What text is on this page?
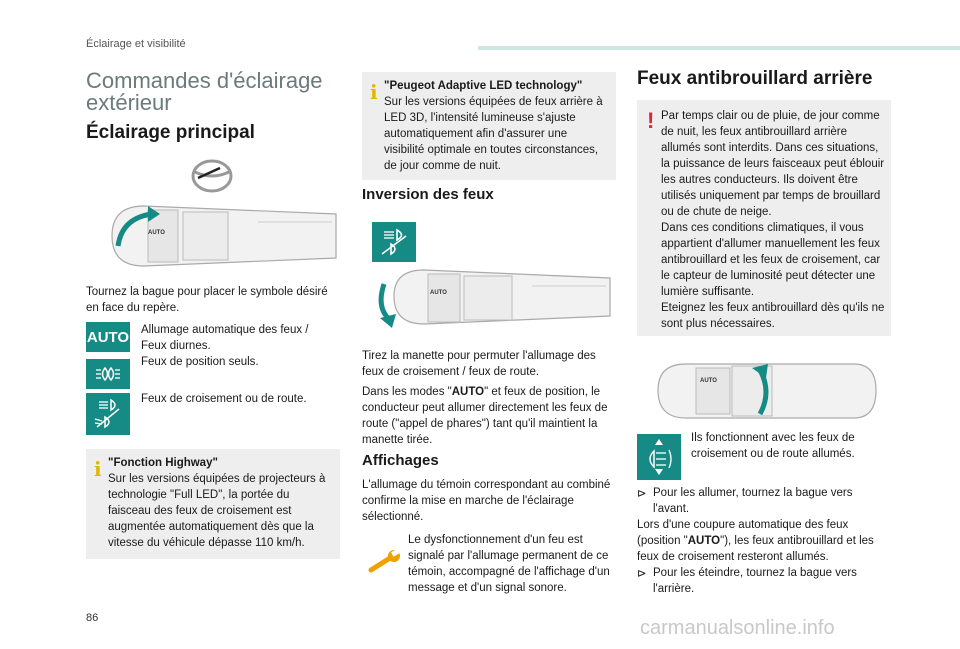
Éclairage et visibilité
Commandes d'éclairage
extérieur
Éclairage principal
AUTO
Tournez la bague pour placer le symbole désiré en face du repère.
AUTO Allumage automatique des feux /
Feux diurnes.
Feux de position seuls.
Feux de croisement ou de route.
i "Fonction Highway"
Sur les versions équipées de projecteurs à technologie "Full LED", la portée du faisceau des feux de croisement est augmentée automatiquement dès que la vitesse du véhicule dépasse 110 km/h.
i "Peugeot Adaptive LED technology"
Sur les versions équipées de feux arrière à LED 3D, l'intensité lumineuse s'ajuste automatiquement afin d'assurer une visibilité optimale en toutes circonstances, de jour comme de nuit.
Inversion des feux
AUTO
Tirez la manette pour permuter l'allumage des feux de croisement / feux de route.
Dans les modes "AUTO" et feux de position, le conducteur peut allumer directement les feux de route ("appel de phares") tant qu'il maintient la manette tirée.
Affichages
L'allumage du témoin correspondant au combiné confirme la mise en marche de l'éclairage sélectionné.
Le dysfonctionnement d'un feu est signalé par l'allumage permanent de ce témoin, accompagné de l'affichage d'un message et d'un signal sonore.
Feux antibrouillard arrière
! Par temps clair ou de pluie, de jour comme de nuit, les feux antibrouillard arrière allumés sont interdits. Dans ces situations, la puissance de leurs faisceaux peut éblouir les autres conducteurs. Ils doivent être utilisés uniquement par temps de brouillard ou de chute de neige.
Dans ces conditions climatiques, il vous appartient d'allumer manuellement les feux antibrouillard et les feux de croisement, car le capteur de luminosité peut détecter une lumière suffisante.
Eteignez les feux antibrouillard dès qu'ils ne sont plus nécessaires.
AUTO
Ils fonctionnent avec les feux de croisement ou de route allumés.
⊳ Pour les allumer, tournez la bague vers l'avant.
Lors d'une coupure automatique des feux (position "AUTO"), les feux antibrouillard et les feux de croisement resteront allumés.
⊳ Pour les éteindre, tournez la bague vers l'arrière.
86	carmanualsonline.info
